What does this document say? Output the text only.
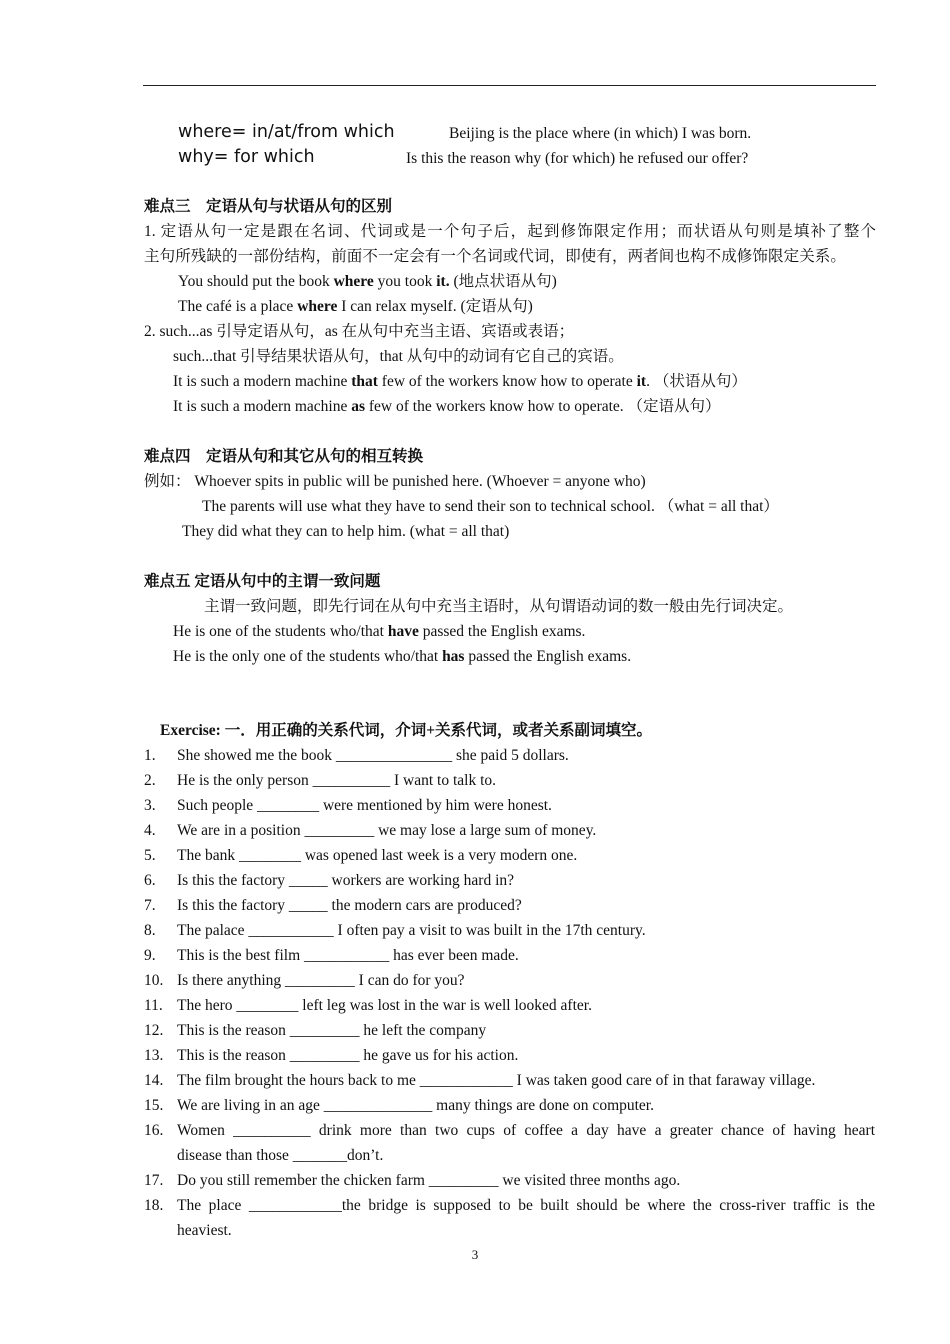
where= in/at/from which	Beijing is the place where (in which) I was born.
why= for which	Is this the reason why (for which) he refused our offer?
难点三　定语从句与状语从句的区别
1. 定语从句一定是跟在名词、代词或是一个句子后，起到修饰限定作用；而状语从句则是填补了整个
主句所残缺的一部份结构，前面不一定会有一个名词或代词，即使有，两者间也构不成修饰限定关系。
You should put the book where you took it. (地点状语从句)
The café is a place where I can relax myself. (定语从句)
2. such...as 引导定语从句，as 在从句中充当主语、宾语或表语；
such...that 引导结果状语从句，that 从句中的动词有它自己的宾语。
It is such a modern machine that few of the workers know how to operate it. （状语从句）
It is such a modern machine as few of the workers know how to operate. （定语从句）
难点四　定语从句和其它从句的相互转换
例如： Whoever spits in public will be punished here. (Whoever = anyone who)
The parents will use what they have to send their son to technical school. （what = all that）
They did what they can to help him. (what = all that)
难点五 定语从句中的主谓一致问题
主谓一致问题，即先行词在从句中充当主语时，从句谓语动词的数一般由先行词决定。
He is one of the students who/that have passed the English exams.
He is the only one of the students who/that has passed the English exams.
Exercise: 一．用正确的关系代词，介词+关系代词，或者关系副词填空。
1. She showed me the book _______________ she paid 5 dollars.
2. He is the only person __________ I want to talk to.
3. Such people ________ were mentioned by him were honest.
4. We are in a position _________ we may lose a large sum of money.
5. The bank ________ was opened last week is a very modern one.
6. Is this the factory _____ workers are working hard in?
7. Is this the factory _____ the modern cars are produced?
8. The palace ___________ I often pay a visit to was built in the 17th century.
9. This is the best film ___________ has ever been made.
10. Is there anything _________ I can do for you?
11. The hero ________ left leg was lost in the war is well looked after.
12. This is the reason _________ he left the company
13. This is the reason _________ he gave us for his action.
14. The film brought the hours back to me ____________ I was taken good care of in that faraway village.
15. We are living in an age ______________ many things are done on computer.
16. Women __________ drink more than two cups of coffee a day have a greater chance of having heart
disease than those _______don’t.
17. Do you still remember the chicken farm _________ we visited three months ago.
18. The place ____________the bridge is supposed to be built should be where the cross-river traffic is the
heaviest.
3
